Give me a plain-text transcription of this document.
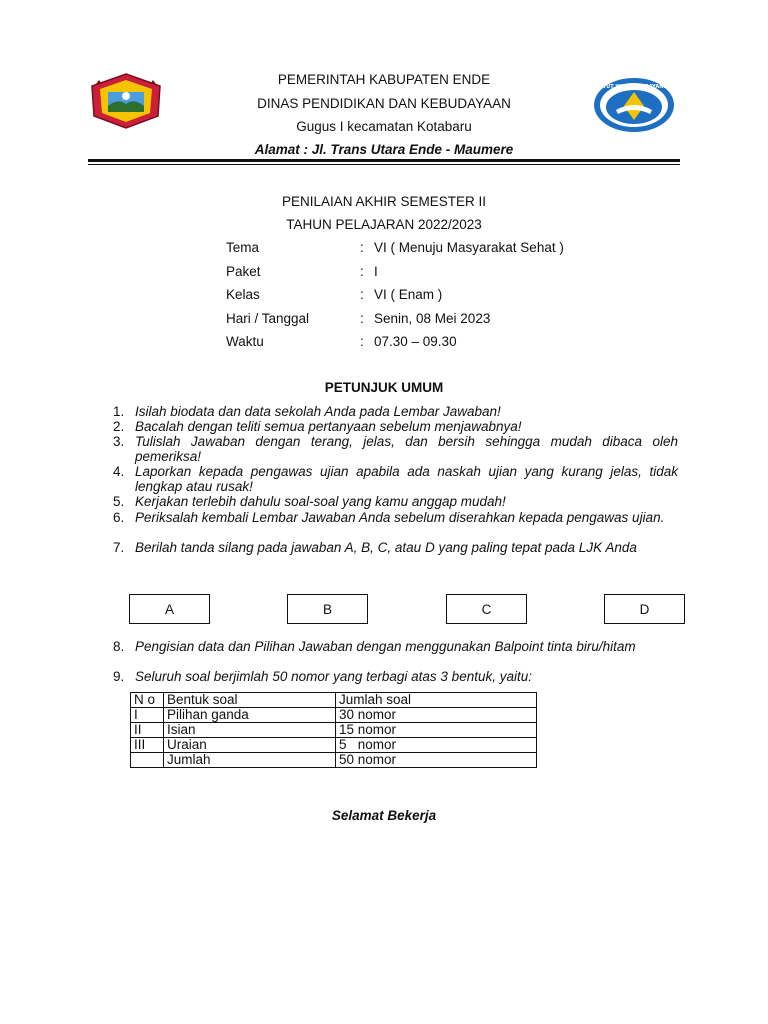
TUT WURI HANDAYANI
PEMERINTAH KABUPATEN ENDE
DINAS PENDIDIKAN DAN KEBUDAYAAN
Gugus I kecamatan Kotabaru
Alamat : Jl. Trans Utara Ende - Maumere
PENILAIAN AKHIR SEMESTER II
TAHUN PELAJARAN 2022/2023
Tema	: VI ( Menuju Masyarakat Sehat )
Paket	: I
Kelas	: VI ( Enam )
Hari / Tanggal	: Senin, 08 Mei 2023
Waktu	: 07.30 – 09.30
PETUNJUK UMUM
1. Isilah biodata dan data sekolah Anda pada Lembar Jawaban!
2. Bacalah dengan teliti semua pertanyaan sebelum menjawabnya!
3. Tulislah Jawaban dengan terang, jelas, dan bersih sehingga mudah dibaca oleh pemeriksa!
4. Laporkan kepada pengawas ujian apabila ada naskah ujian yang kurang jelas, tidak lengkap atau rusak!
5. Kerjakan terlebih dahulu soal-soal yang kamu anggap mudah!
6. Periksalah kembali Lembar Jawaban Anda sebelum diserahkan kepada pengawas ujian.
7. Berilah tanda silang pada jawaban A, B, C, atau D yang paling tepat pada LJK Anda
A	B	C	D
8. Pengisian data dan Pilihan Jawaban dengan menggunakan Balpoint tinta biru/hitam
9. Seluruh soal berjimlah 50 nomor yang terbagi atas 3 bentuk, yaitu:
N o	Bentuk soal	Jumlah soal
I	Pilihan ganda	30 nomor
II	Isian	15 nomor
III	Uraian	5   nomor
	Jumlah	50 nomor
Selamat Bekerja
